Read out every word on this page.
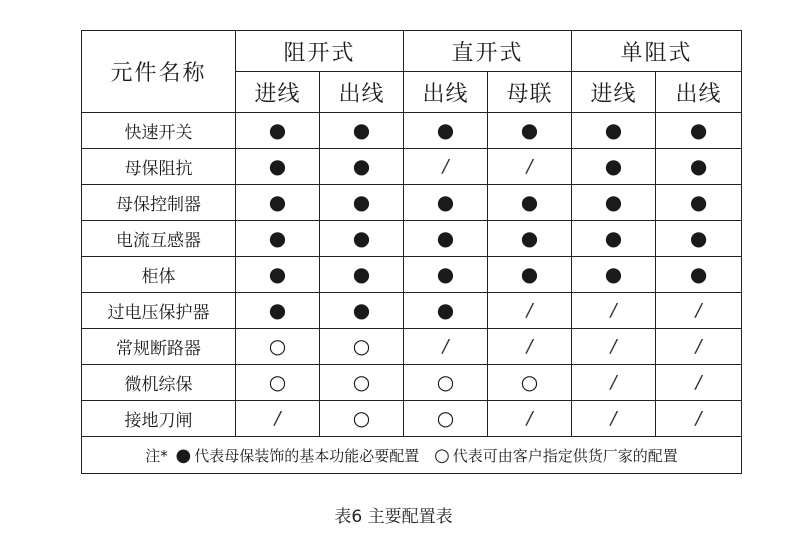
元件名称	阻开式		直开式		单阻式	
	进线	出线	出线	母联	进线	出线
快速开关	●	●	●	●	●	●
母保阻抗	●	●	/	/	●	●
母保控制器	●	●	●	●	●	●
电流互感器	●	●	●	●	●	●
柜体	●	●	●	●	●	●
过电压保护器	●	●	●	/	/	/
常规断路器	○	○	/	/	/	/
微机综保	○	○	○	○	/	/
接地刀闸	/	○	○	/	/	/
注* ● 代表母保装饰的基本功能必要配置 ○ 代表可由客户指定供货厂家的配置						
表6 主要配置表
